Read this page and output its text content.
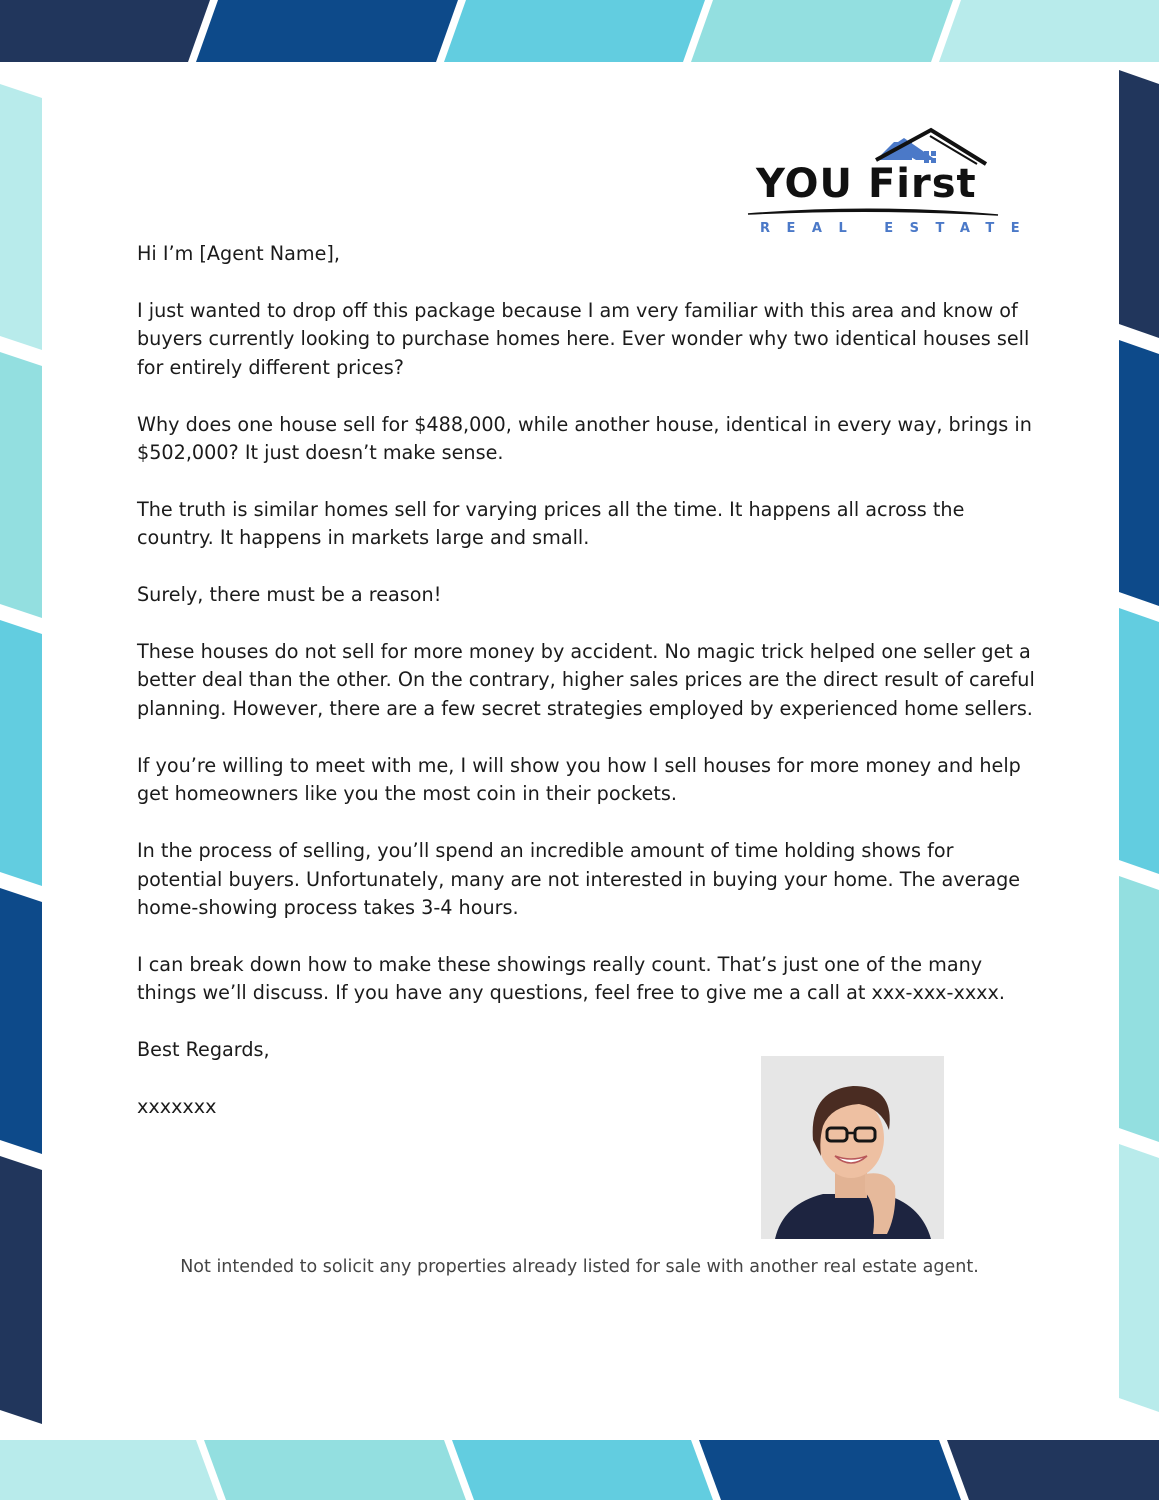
YOU First
REAL ESTATE

Hi I’m [Agent Name],

I just wanted to drop off this package because I am very familiar with this area and know of buyers currently looking to purchase homes here. Ever wonder why two identical houses sell for entirely different prices?

Why does one house sell for $488,000, while another house, identical in every way, brings in $502,000? It just doesn’t make sense.

The truth is similar homes sell for varying prices all the time. It happens all across the country. It happens in markets large and small.

Surely, there must be a reason!

These houses do not sell for more money by accident. No magic trick helped one seller get a better deal than the other. On the contrary, higher sales prices are the direct result of careful planning. However, there are a few secret strategies employed by experienced home sellers.

If you’re willing to meet with me, I will show you how I sell houses for more money and help get homeowners like you the most coin in their pockets.

In the process of selling, you’ll spend an incredible amount of time holding shows for potential buyers. Unfortunately, many are not interested in buying your home. The average home-showing process takes 3-4 hours.

I can break down how to make these showings really count. That’s just one of the many things we’ll discuss. If you have any questions, feel free to give me a call at xxx-xxx-xxxx.

Best Regards,

xxxxxxx

Not intended to solicit any properties already listed for sale with another real estate agent.
